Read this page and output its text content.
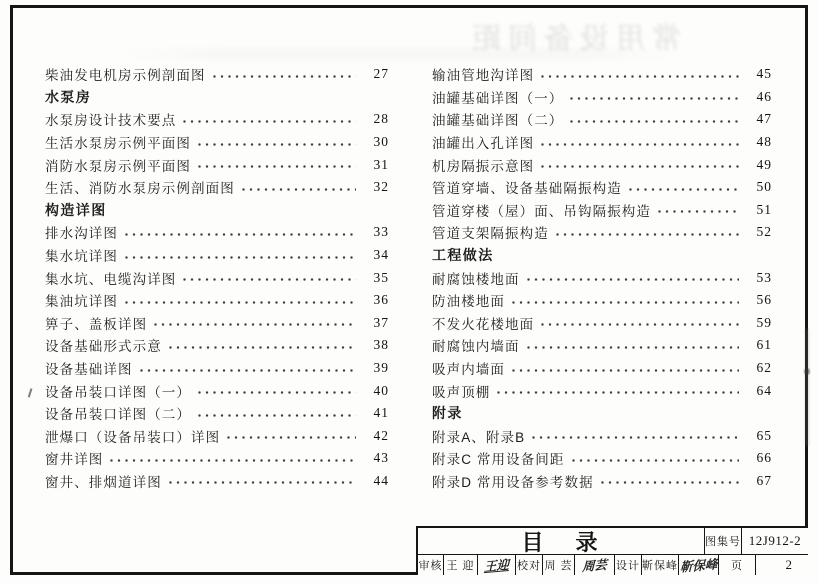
柴油发电机房示例剖面图	27
水泵房
水泵房设计技术要点	28
生活水泵房示例平面图	30
消防水泵房示例平面图	31
生活、消防水泵房示例剖面图	32
构造详图
排水沟详图	33
集水坑详图	34
集水坑、电缆沟详图	35
集油坑详图	36
箅子、盖板详图	37
设备基础形式示意	38
设备基础详图	39
设备吊装口详图（一）	40
设备吊装口详图（二）	41
泄爆口（设备吊装口）详图	42
窗井详图	43
窗井、排烟道详图	44
输油管地沟详图	45
油罐基础详图（一）	46
油罐基础详图（二）	47
油罐出入孔详图	48
机房隔振示意图	49
管道穿墙、设备基础隔振构造	50
管道穿楼（屋）面、吊钩隔振构造	51
管道支架隔振构造	52
工程做法
耐腐蚀楼地面	53
防油楼地面	56
不发火花楼地面	59
耐腐蚀内墙面	61
吸声内墙面	62
吸声顶棚	64
附录
附录A、附录B	65
附录C 常用设备间距	66
附录D 常用设备参考数据	67
目 录	图集号 12J912-2
审核 王 迎 王迎 校对 周 芸 周芸 设计 靳保峰 靳保峰	页	2
